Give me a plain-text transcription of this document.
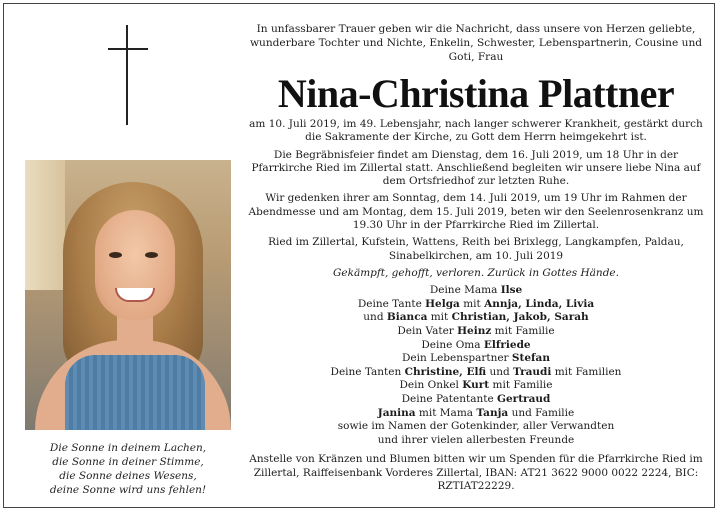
Die Sonne in deinem Lachen,
die Sonne in deiner Stimme,
die Sonne deines Wesens,
deine Sonne wird uns fehlen!
In unfassbarer Trauer geben wir die Nachricht, dass unsere von Herzen geliebte, wunderbare Tochter und Nichte, Enkelin, Schwester, Lebenspartnerin, Cousine und Goti, Frau
Nina-Christina Plattner

am 10. Juli 2019, im 49. Lebensjahr, nach langer schwerer Krankheit, gestärkt durch die Sakramente der Kirche, zu Gott dem Herrn heimgekehrt ist.

Die Begräbnisfeier findet am Dienstag, dem 16. Juli 2019, um 18 Uhr in der Pfarrkirche Ried im Zillertal statt. Anschließend begleiten wir unsere liebe Nina auf dem Ortsfriedhof zur letzten Ruhe.

Wir gedenken ihrer am Sonntag, dem 14. Juli 2019, um 19 Uhr im Rahmen der Abendmesse und am Montag, dem 15. Juli 2019, beten wir den Seelenrosenkranz um 19.30 Uhr in der Pfarrkirche Ried im Zillertal.

Ried im Zillertal, Kufstein, Wattens, Reith bei Brixlegg, Langkampfen, Paldau, Sinabelkirchen, am 10. Juli 2019

Gekämpft, gehofft, verloren. Zurück in Gottes Hände.

Deine Mama Ilse
Deine Tante Helga mit Annja, Linda, Livia
und Bianca mit Christian, Jakob, Sarah
Dein Vater Heinz mit Familie
Deine Oma Elfriede
Dein Lebenspartner Stefan
Deine Tanten Christine, Elfi und Traudi mit Familien
Dein Onkel Kurt mit Familie
Deine Patentante Gertraud
Janina mit Mama Tanja und Familie
sowie im Namen der Gotenkinder, aller Verwandten
und ihrer vielen allerbesten Freunde
Anstelle von Kränzen und Blumen bitten wir um Spenden für die Pfarrkirche Ried im Zillertal, Raiffeisenbank Vorderes Zillertal, IBAN: AT21 3622 9000 0022 2224, BIC: RZTIAT22229.
